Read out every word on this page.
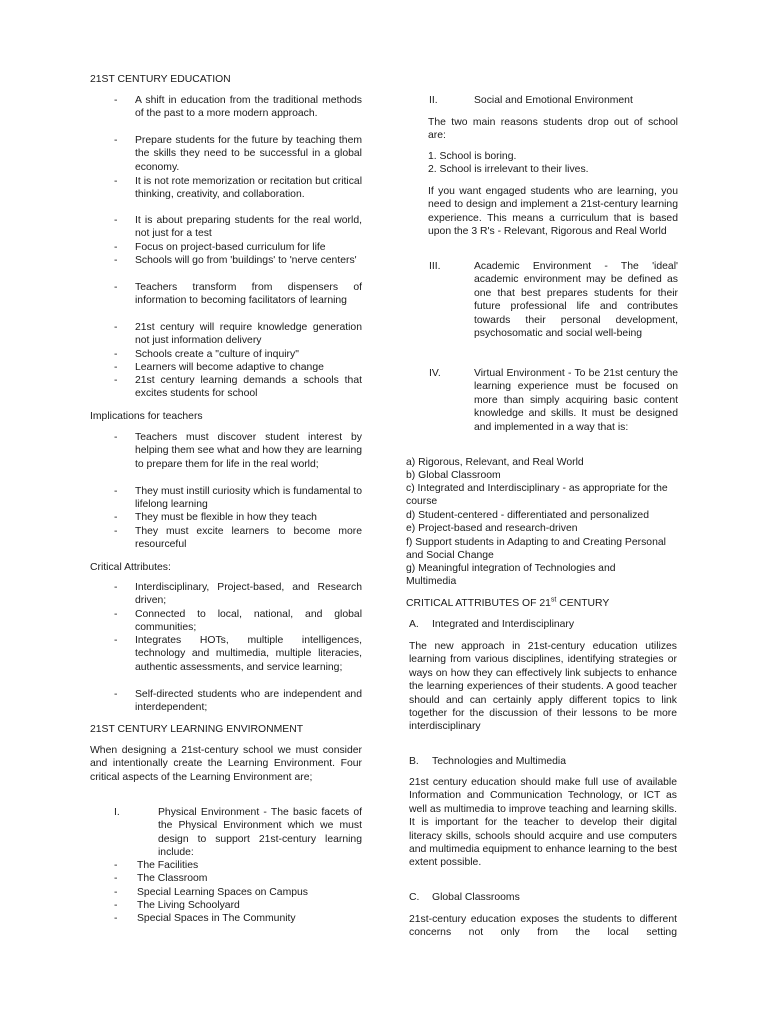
21ST CENTURY EDUCATION

- A shift in education from the traditional methods of the past to a more modern approach.
- Prepare students for the future by teaching them the skills they need to be successful in a global economy.
- It is not rote memorization or recitation but critical thinking, creativity, and collaboration.
- It is about preparing students for the real world, not just for a test
- Focus on project-based curriculum for life
- Schools will go from 'buildings' to 'nerve centers'
- Teachers transform from dispensers of information to becoming facilitators of learning
- 21st century will require knowledge generation not just information delivery
- Schools create a "culture of inquiry"
- Learners will become adaptive to change
- 21st century learning demands a schools that excites students for school

Implications for teachers

- Teachers must discover student interest by helping them see what and how they are learning to prepare them for life in the real world;
- They must instill curiosity which is fundamental to lifelong learning
- They must be flexible in how they teach
- They must excite learners to become more resourceful

Critical Attributes:

- Interdisciplinary, Project-based, and Research driven;
- Connected to local, national, and global communities;
- Integrates HOTs, multiple intelligences, technology and multimedia, multiple literacies, authentic assessments, and service learning;
- Self-directed students who are independent and interdependent;

21ST CENTURY LEARNING ENVIRONMENT

When designing a 21st-century school we must consider and intentionally create the Learning Environment. Four critical aspects of the Learning Environment are;

I.	Physical Environment - The basic facets of the Physical Environment which we must design to support 21st-century learning include:

- The Facilities
- The Classroom
- Special Learning Spaces on Campus
- The Living Schoolyard
- Special Spaces in The Community
II.	Social and Emotional Environment

The two main reasons students drop out of school are:

1. School is boring.

2. School is irrelevant to their lives.

If you want engaged students who are learning, you need to design and implement a 21st-century learning experience. This means a curriculum that is based upon the 3 R's - Relevant, Rigorous and Real World

III.	Academic Environment - The 'ideal' academic environment may be defined as one that best prepares students for their future professional life and contributes towards their personal development, psychosomatic and social well-being

IV.	Virtual Environment - To be 21st century the learning experience must be focused on more than simply acquiring basic content knowledge and skills. It must be designed and implemented in a way that is:

a) Rigorous, Relevant, and Real World

b) Global Classroom

c) Integrated and Interdisciplinary - as appropriate for the course

d) Student-centered - differentiated and personalized

e) Project-based and research-driven

f) Support students in Adapting to and Creating Personal and Social Change

g) Meaningful integration of Technologies and Multimedia

CRITICAL ATTRIBUTES OF 21st CENTURY

A. Integrated and Interdisciplinary

The new approach in 21st-century education utilizes learning from various disciplines, identifying strategies or ways on how they can effectively link subjects to enhance the learning experiences of their students. A good teacher should and can certainly apply different topics to link together for the discussion of their lessons to be more interdisciplinary

B. Technologies and Multimedia

21st century education should make full use of available Information and Communication Technology, or ICT as well as multimedia to improve teaching and learning skills. It is important for the teacher to develop their digital literacy skills, schools should acquire and use computers and multimedia equipment to enhance learning to the best extent possible.

C. Global Classrooms

21st-century education exposes the students to different concerns not only from the local setting
